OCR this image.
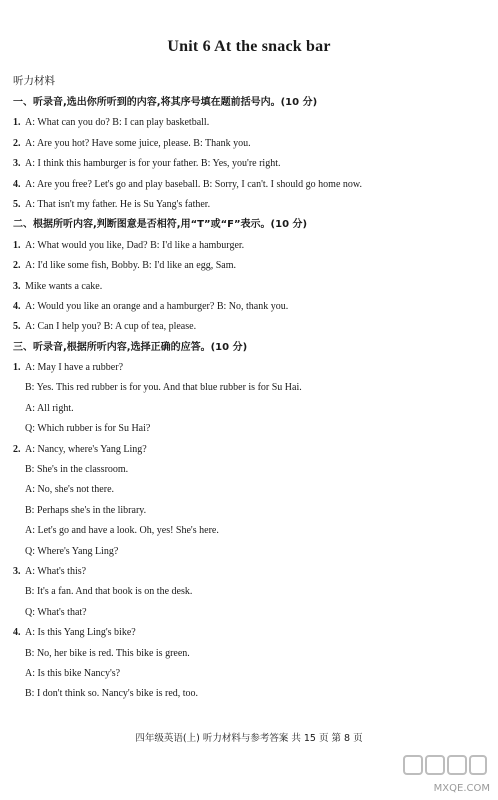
Unit 6 At the snack bar
听力材料
一、听录音,选出你所听到的内容,将其序号填在题前括号内。(10 分)
1. A: What can you do? B: I can play basketball.
2. A: Are you hot? Have some juice, please. B: Thank you.
3. A: I think this hamburger is for your father. B: Yes, you're right.
4. A: Are you free? Let's go and play baseball. B: Sorry, I can't. I should go home now.
5. A: That isn't my father. He is Su Yang's father.
二、根据所听内容,判断图意是否相符,用“T”或“F”表示。(10 分)
1. A: What would you like, Dad? B: I'd like a hamburger.
2. A: I'd like some fish, Bobby. B: I'd like an egg, Sam.
3. Mike wants a cake.
4. A: Would you like an orange and a hamburger? B: No, thank you.
5. A: Can I help you? B: A cup of tea, please.
三、听录音,根据所听内容,选择正确的应答。(10 分)
1. A: May I have a rubber?
B: Yes. This red rubber is for you. And that blue rubber is for Su Hai.
A: All right.
Q: Which rubber is for Su Hai?
2. A: Nancy, where's Yang Ling?
B: She's in the classroom.
A: No, she's not there.
B: Perhaps she's in the library.
A: Let's go and have a look. Oh, yes! She's here.
Q: Where's Yang Ling?
3. A: What's this?
B: It's a fan. And that book is on the desk.
Q: What's that?
4. A: Is this Yang Ling's bike?
B: No, her bike is red. This bike is green.
A: Is this bike Nancy's?
B: I don't think so. Nancy's bike is red, too.
四年级英语(上) 听力材料与参考答案 共 15 页 第 8 页
MXQE.COM
